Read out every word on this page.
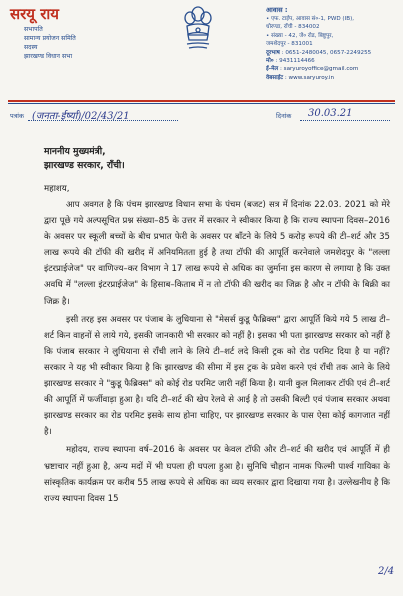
सरयू राय
सभापति
सामान्य प्रयोजन समिति
सदस्य
झारखण्ड विधान सभा
आवास :
• एफ. टाईप, आवास सं०-1, PWD (IB),
धोरण्डा, राँची - 834002
• संख्या - 42, जे० रोड, बिष्टुपुर,
जमशेदपुर - 831001
दूरभाष : 0651-2480045, 0657-2249255
मो० : 9431114466
ई-मेल : saryuroyoffice@gmail.com
वेबसाईट : www.saryuroy.in
पत्रांक (जनता-ईर्ष्या)/02/43/21	दिनांक 30.03.21
माननीय मुख्यमंत्री,
झारखण्ड सरकार, राँची।
महाशय,

आप अवगत है कि पंचम झारखण्ड विधान सभा के पंचम (बजट) सत्र में दिनांक 22.03. 2021 को मेरे द्वारा पूछे गये अल्पसूचित प्रश्न संख्या–85 के उत्तर में सरकार ने स्वीकार किया है कि राज्य स्थापना दिवस–2016 के अवसर पर स्कूली बच्चों के बीच प्रभात फेरी के अवसर पर बाँटने के लिये 5 करोड़ रूपये की टी–शर्ट और 35 लाख रूपये की टॉफी की खरीद में अनियमितता हुई है तथा टॉफी की आपूर्ति करनेवाले जमशेदपुर के "लल्ला इंटरप्राईजेज" पर वाणिज्य–कर विभाग ने 17 लाख रूपये से अधिक का जुर्माना इस कारण से लगाया है कि उक्त अवधि में "लल्ला इंटरप्राईजेज" के हिसाब–किताब में न तो टॉफी की खरीद का जिक्र है और न टॉफी के बिक्री का जिक्र है।

इसी तरह इस अवसर पर पंजाब के लुधियाना से "मेसर्स कुडू फैब्रिक्स" द्वारा आपूर्ति किये गये 5 लाख टी–शर्ट किन वाहनों से लाये गये, इसकी जानकारी भी सरकार को नहीं है। इसका भी पता झारखण्ड सरकार को नहीं है कि पंजाब सरकार ने लुधियाना से राँची लाने के लिये टी–शर्ट लदे किसी ट्रक को रोड परमिट दिया है या नहीं? सरकार ने यह भी स्वीकार किया है कि झारखण्ड की सीमा में इस ट्रक के प्रवेश करने एवं राँची तक आने के लिये झारखण्ड सरकार ने "कुडू फैब्रिक्स" को कोई रोड परमिट जारी नहीं किया है। यानी कुल मिलाकर टॉफी एवं टी–शर्ट की आपूर्ति में फर्जीवाड़ा हुआ है। यदि टी–शर्ट की खेप रेलवे से आई है तो उसकी बिल्टी एवं पंजाब सरकार अथवा झारखण्ड सरकार का रोड परमिट इसके साथ होना चाहिए, पर झारखण्ड सरकार के पास ऐसा कोई कागजात नहीं है।

महोदय, राज्य स्थापना वर्ष–2016 के अवसर पर केवल टॉफी और टी–शर्ट की खरीद एवं आपूर्ति में ही भ्रष्टाचार नहीं हुआ है, अन्य मदों में भी घपला ही घपला हुआ है। सुनिधि चौहान नामक फिल्मी पार्श्व गायिका के सांस्कृतिक कार्यक्रम पर करीब 55 लाख रूपये से अधिक का व्यय सरकार द्वारा दिखाया गया है। उल्लेखनीय है कि राज्य स्थापना दिवस 15

2/4
